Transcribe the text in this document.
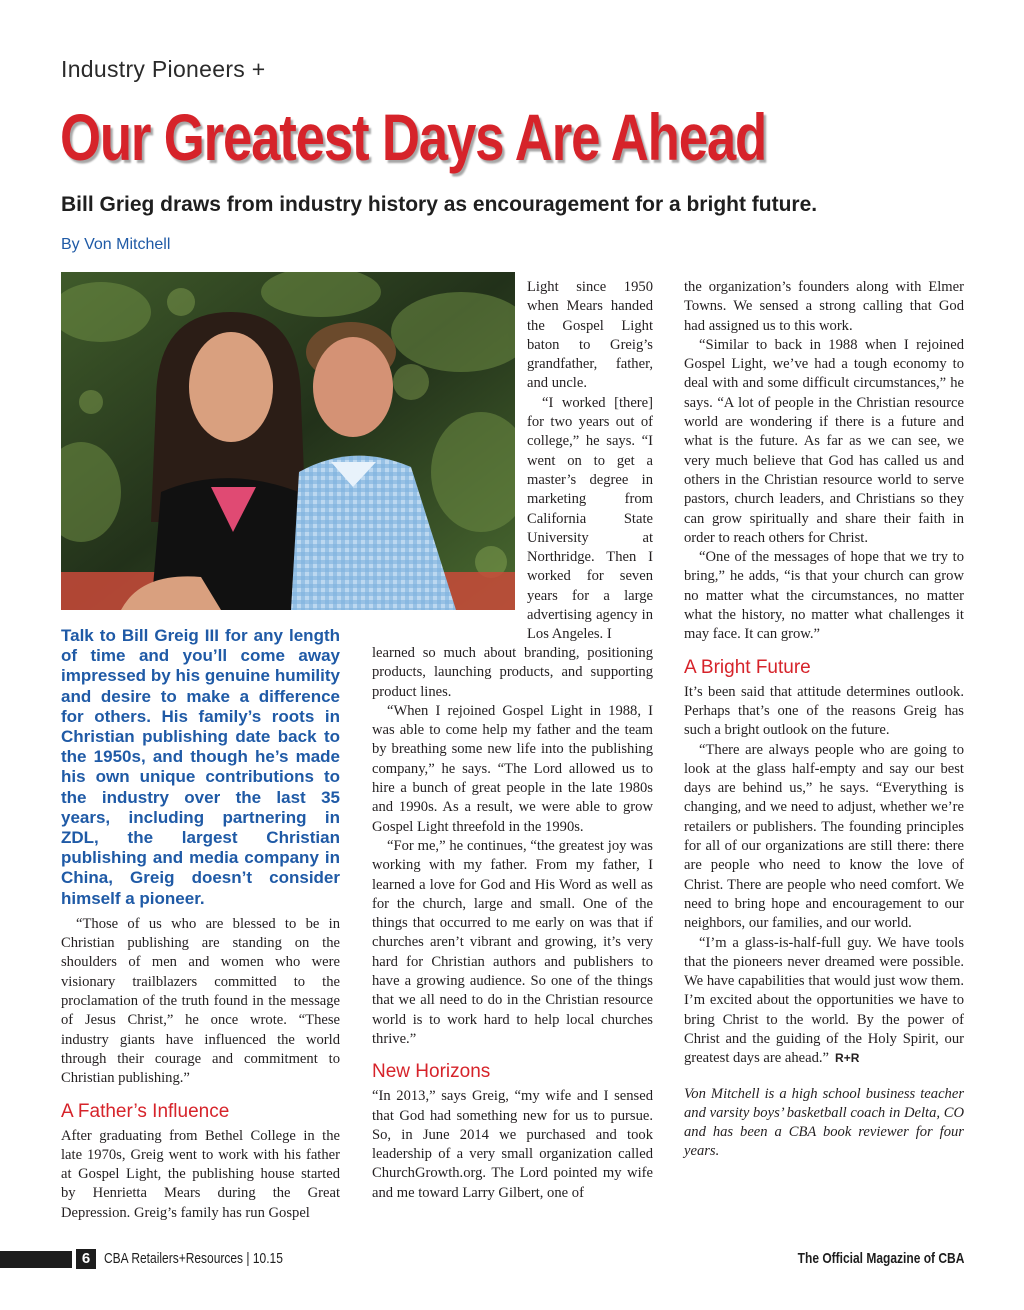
Industry Pioneers +
Our Greatest Days Are Ahead
Bill Grieg draws from industry history as encouragement for a bright future.
By Von Mitchell
Talk to Bill Greig III for any length of time and you’ll come away impressed by his genuine humility and desire to make a difference for others. His family’s roots in Christian publishing date back to the 1950s, and though he’s made his own unique contributions to the industry over the last 35 years, including partnering in ZDL, the largest Christian publishing and media company in China, Greig doesn’t consider himself a pioneer.

“Those of us who are blessed to be in Christian publishing are standing on the shoulders of men and women who were visionary trailblazers committed to the proclamation of the truth found in the message of Jesus Christ,” he once wrote. “These industry giants have influenced the world through their courage and commitment to Christian publishing.”

A Father’s Influence

After graduating from Bethel College in the late 1970s, Greig went to work with his father at Gospel Light, the publishing house started by Henrietta Mears during the Great Depression. Greig’s family has run Gospel

Light since 1950 when Mears handed the Gospel Light baton to Greig’s grandfather, father, and uncle.

“I worked [there] for two years out of college,” he says. “I went on to get a master’s degree in marketing from California State University at Northridge. Then I worked for seven years for a large advertising agency in Los Angeles. I

learned so much about branding, positioning products, launching products, and supporting product lines.

“When I rejoined Gospel Light in 1988, I was able to come help my father and the team by breathing some new life into the publishing company,” he says. “The Lord allowed us to hire a bunch of great people in the late 1980s and 1990s. As a result, we were able to grow Gospel Light threefold in the 1990s.

“For me,” he continues, “the greatest joy was working with my father. From my father, I learned a love for God and His Word as well as for the church, large and small. One of the things that occurred to me early on was that if churches aren’t vibrant and growing, it’s very hard for Christian authors and publishers to have a growing audience. So one of the things that we all need to do in the Christian resource world is to work hard to help local churches thrive.”

New Horizons

“In 2013,” says Greig, “my wife and I sensed that God had something new for us to pursue. So, in June 2014 we purchased and took leadership of a very small organization called ChurchGrowth.org. The Lord pointed my wife and me toward Larry Gilbert, one of

the organization’s founders along with Elmer Towns. We sensed a strong calling that God had assigned us to this work.

“Similar to back in 1988 when I rejoined Gospel Light, we’ve had a tough economy to deal with and some difficult circumstances,” he says. “A lot of people in the Christian resource world are wondering if there is a future and what is the future. As far as we can see, we very much believe that God has called us and others in the Christian resource world to serve pastors, church leaders, and Christians so they can grow spiritually and share their faith in order to reach others for Christ.

“One of the messages of hope that we try to bring,” he adds, “is that your church can grow no matter what the circumstances, no matter what the history, no matter what challenges it may face. It can grow.”

A Bright Future

It’s been said that attitude determines outlook. Perhaps that’s one of the reasons Greig has such a bright outlook on the future.

“There are always people who are going to look at the glass half-empty and say our best days are behind us,” he says. “Everything is changing, and we need to adjust, whether we’re retailers or publishers. The founding principles for all of our organizations are still there: there are people who need to know the love of Christ. There are people who need comfort. We need to bring hope and encouragement to our neighbors, our families, and our world.

“I’m a glass-is-half-full guy. We have tools that the pioneers never dreamed were possible. We have capabilities that would just wow them. I’m excited about the opportunities we have to bring Christ to the world. By the power of Christ and the guiding of the Holy Spirit, our greatest days are ahead.” R+R

Von Mitchell is a high school business teacher and varsity boys’ basketball coach in Delta, CO and has been a CBA book reviewer for four years.

6 CBA Retailers+Resources | 10.15	The Official Magazine of CBA
